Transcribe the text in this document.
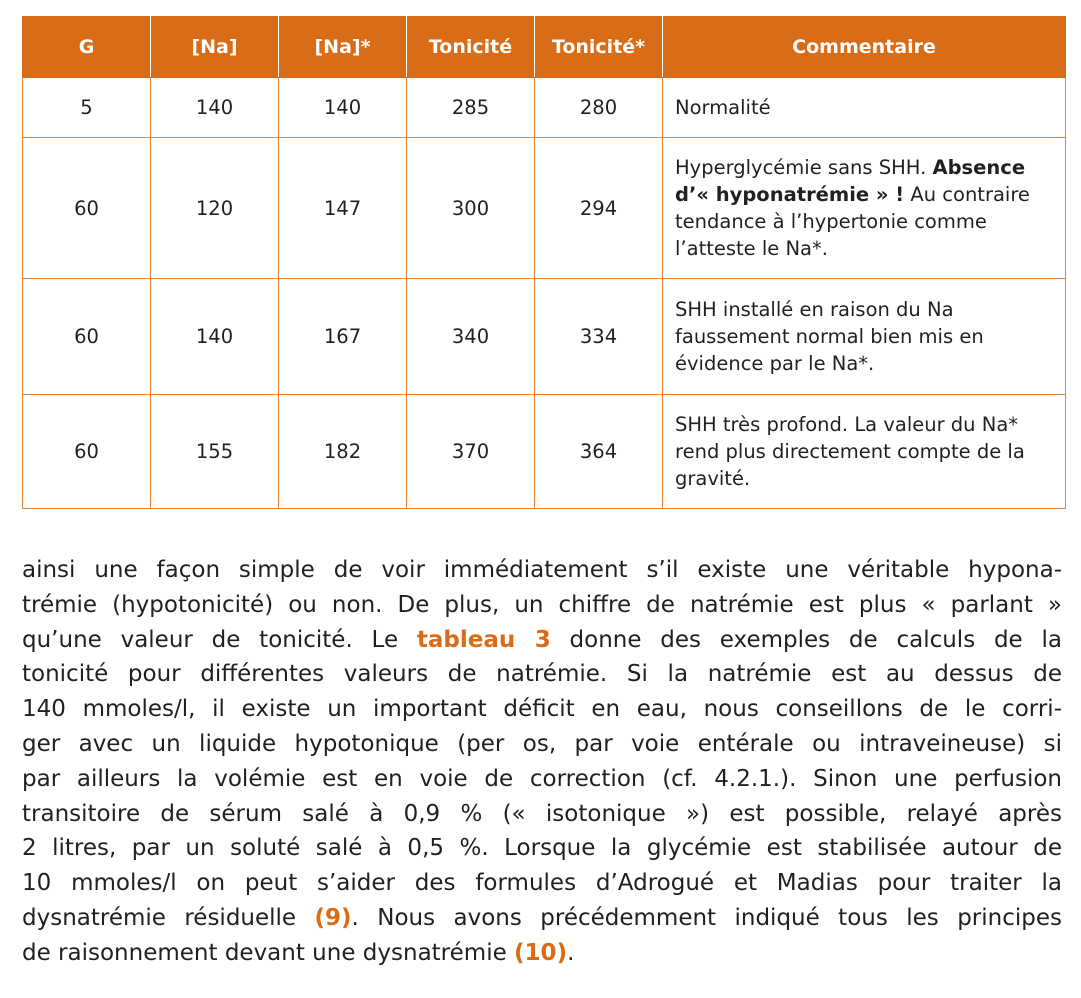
G	[Na]	[Na]*	Tonicité	Tonicité*	Commentaire
5	140	140	285	280	Normalité
60	120	147	300	294	Hyperglycémie sans SHH. Absence d’« hyponatrémie » ! Au contraire tendance à l’hypertonie comme l’atteste le Na*.
60	140	167	340	334	SHH installé en raison du Na faussement normal bien mis en évidence par le Na*.
60	155	182	370	364	SHH très profond. La valeur du Na* rend plus directement compte de la gravité.
ainsi une façon simple de voir immédiatement s’il existe une véritable hypona-
trémie (hypotonicité) ou non. De plus, un chiffre de natrémie est plus « parlant »
qu’une valeur de tonicité. Le tableau 3 donne des exemples de calculs de la
tonicité pour différentes valeurs de natrémie. Si la natrémie est au dessus de
140 mmoles/l, il existe un important déficit en eau, nous conseillons de le corri-
ger avec un liquide hypotonique (per os, par voie entérale ou intraveineuse) si
par ailleurs la volémie est en voie de correction (cf. 4.2.1.). Sinon une perfusion
transitoire de sérum salé à 0,9 % (« isotonique ») est possible, relayé après
2 litres, par un soluté salé à 0,5 %. Lorsque la glycémie est stabilisée autour de
10 mmoles/l on peut s’aider des formules d’Adrogué et Madias pour traiter la
dysnatrémie résiduelle (9). Nous avons précédemment indiqué tous les principes
de raisonnement devant une dysnatrémie (10).
